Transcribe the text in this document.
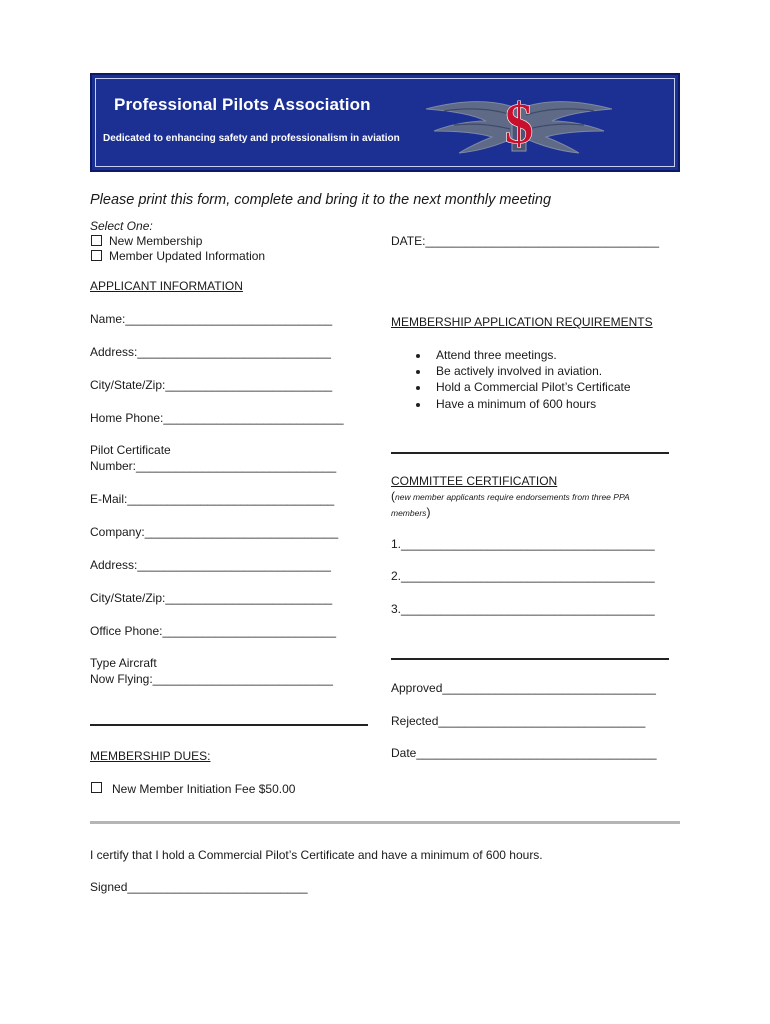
Professional Pilots Association
Dedicated to enhancing safety and professionalism in aviation $
Please print this form, complete and bring it to the next monthly meeting
Select One:
New Membership
Member Updated Information
DATE:___________________________________
APPLICANT INFORMATION
Name:_______________________________
Address:_____________________________
City/State/Zip:_________________________
Home Phone:___________________________
Pilot Certificate
Number:______________________________
E-Mail:_______________________________
Company:_____________________________
Address:_____________________________
City/State/Zip:_________________________
Office Phone:__________________________
Type Aircraft
Now Flying:___________________________
MEMBERSHIP DUES:
New Member Initiation Fee $50.00
MEMBERSHIP APPLICATION REQUIREMENTS
Attend three meetings.
Be actively involved in aviation.
Hold a Commercial Pilot’s Certificate
Have a minimum of 600 hours
COMMITTEE CERTIFICATION
(new member applicants require endorsements from three PPA
members)
1.______________________________________
2.______________________________________
3.______________________________________
Approved________________________________
Rejected_______________________________
Date____________________________________
I certify that I hold a Commercial Pilot’s Certificate and have a minimum of 600 hours.
Signed___________________________
